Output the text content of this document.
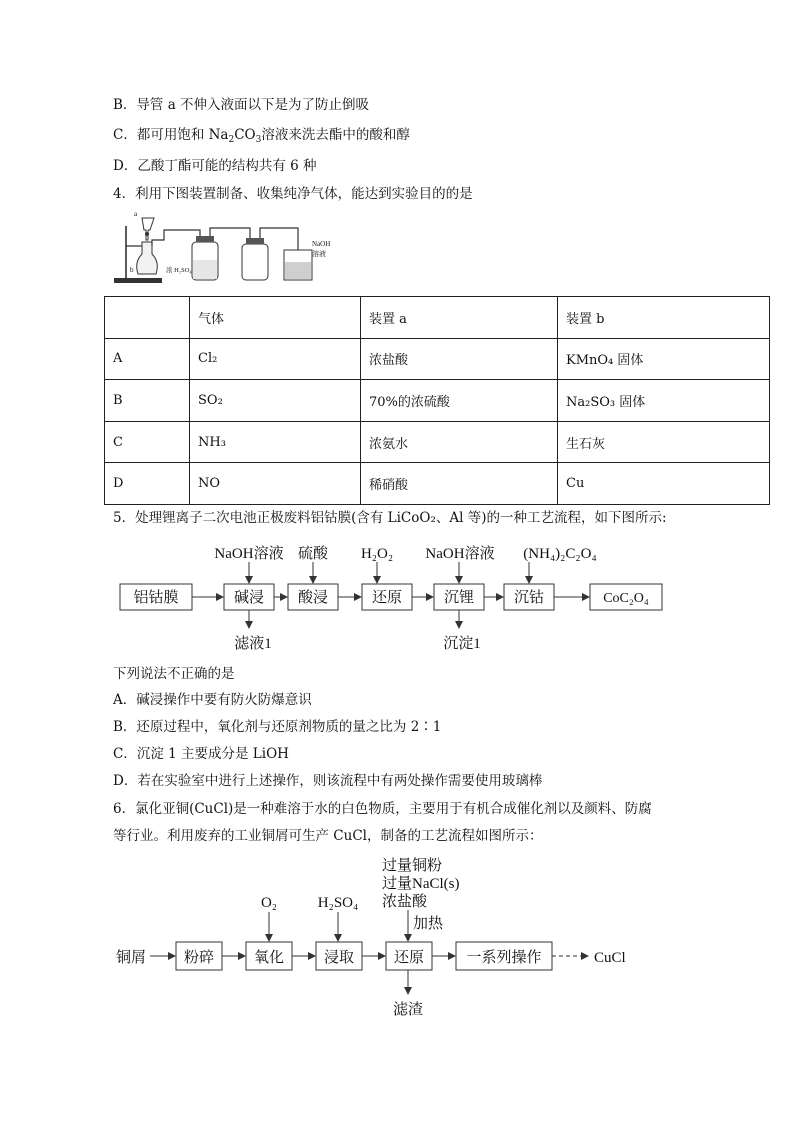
B．导管 a 不伸入液面以下是为了防止倒吸
C．都可用饱和 $Na_2CO_3$溶液来洗去酯中的酸和醇
D．乙酸丁酯可能的结构共有 6 种
4．利用下图装置制备、收集纯净气体，能达到实验目的的是
a
b	浓 H₂SO₄
NaOH
溶液
	气体	装置 a	装置 b
A	Cl₂	浓盐酸	KMnO₄ 固体
B	SO₂	70%的浓硫酸	Na₂SO₃ 固体
C	NH₃	浓氨水	生石灰
D	NO	稀硝酸	Cu
5．处理锂离子二次电池正极废料铝钴膜(含有 LiCoO₂、Al 等)的一种工艺流程，如下图所示:
铝钴膜	碱浸 酸浸	还原	沉锂	沉钴	CoC₂O₄
NaOH溶液 硫酸 H₂O₂ NaOH溶液 (NH₄)₂C₂O₄
滤液1	沉淀1
下列说法不正确的是
A．碱浸操作中要有防火防爆意识
B．还原过程中，氧化剂与还原剂物质的量之比为 2∶1
C．沉淀 1 主要成分是 LiOH
D．若在实验室中进行上述操作，则该流程中有两处操作需要使用玻璃棒
6．氯化亚铜(CuCl)是一种难溶于水的白色物质，主要用于有机合成催化剂以及颜料、防腐
等行业。利用废弃的工业铜屑可生产 CuCl，制备的工艺流程如图所示：
过量铜粉
过量NaCl(s)
浓盐酸
加热
O₂	H₂SO₄
铜屑	粉碎	氧化	浸取	还原	一系列操作	CuCl
滤渣
